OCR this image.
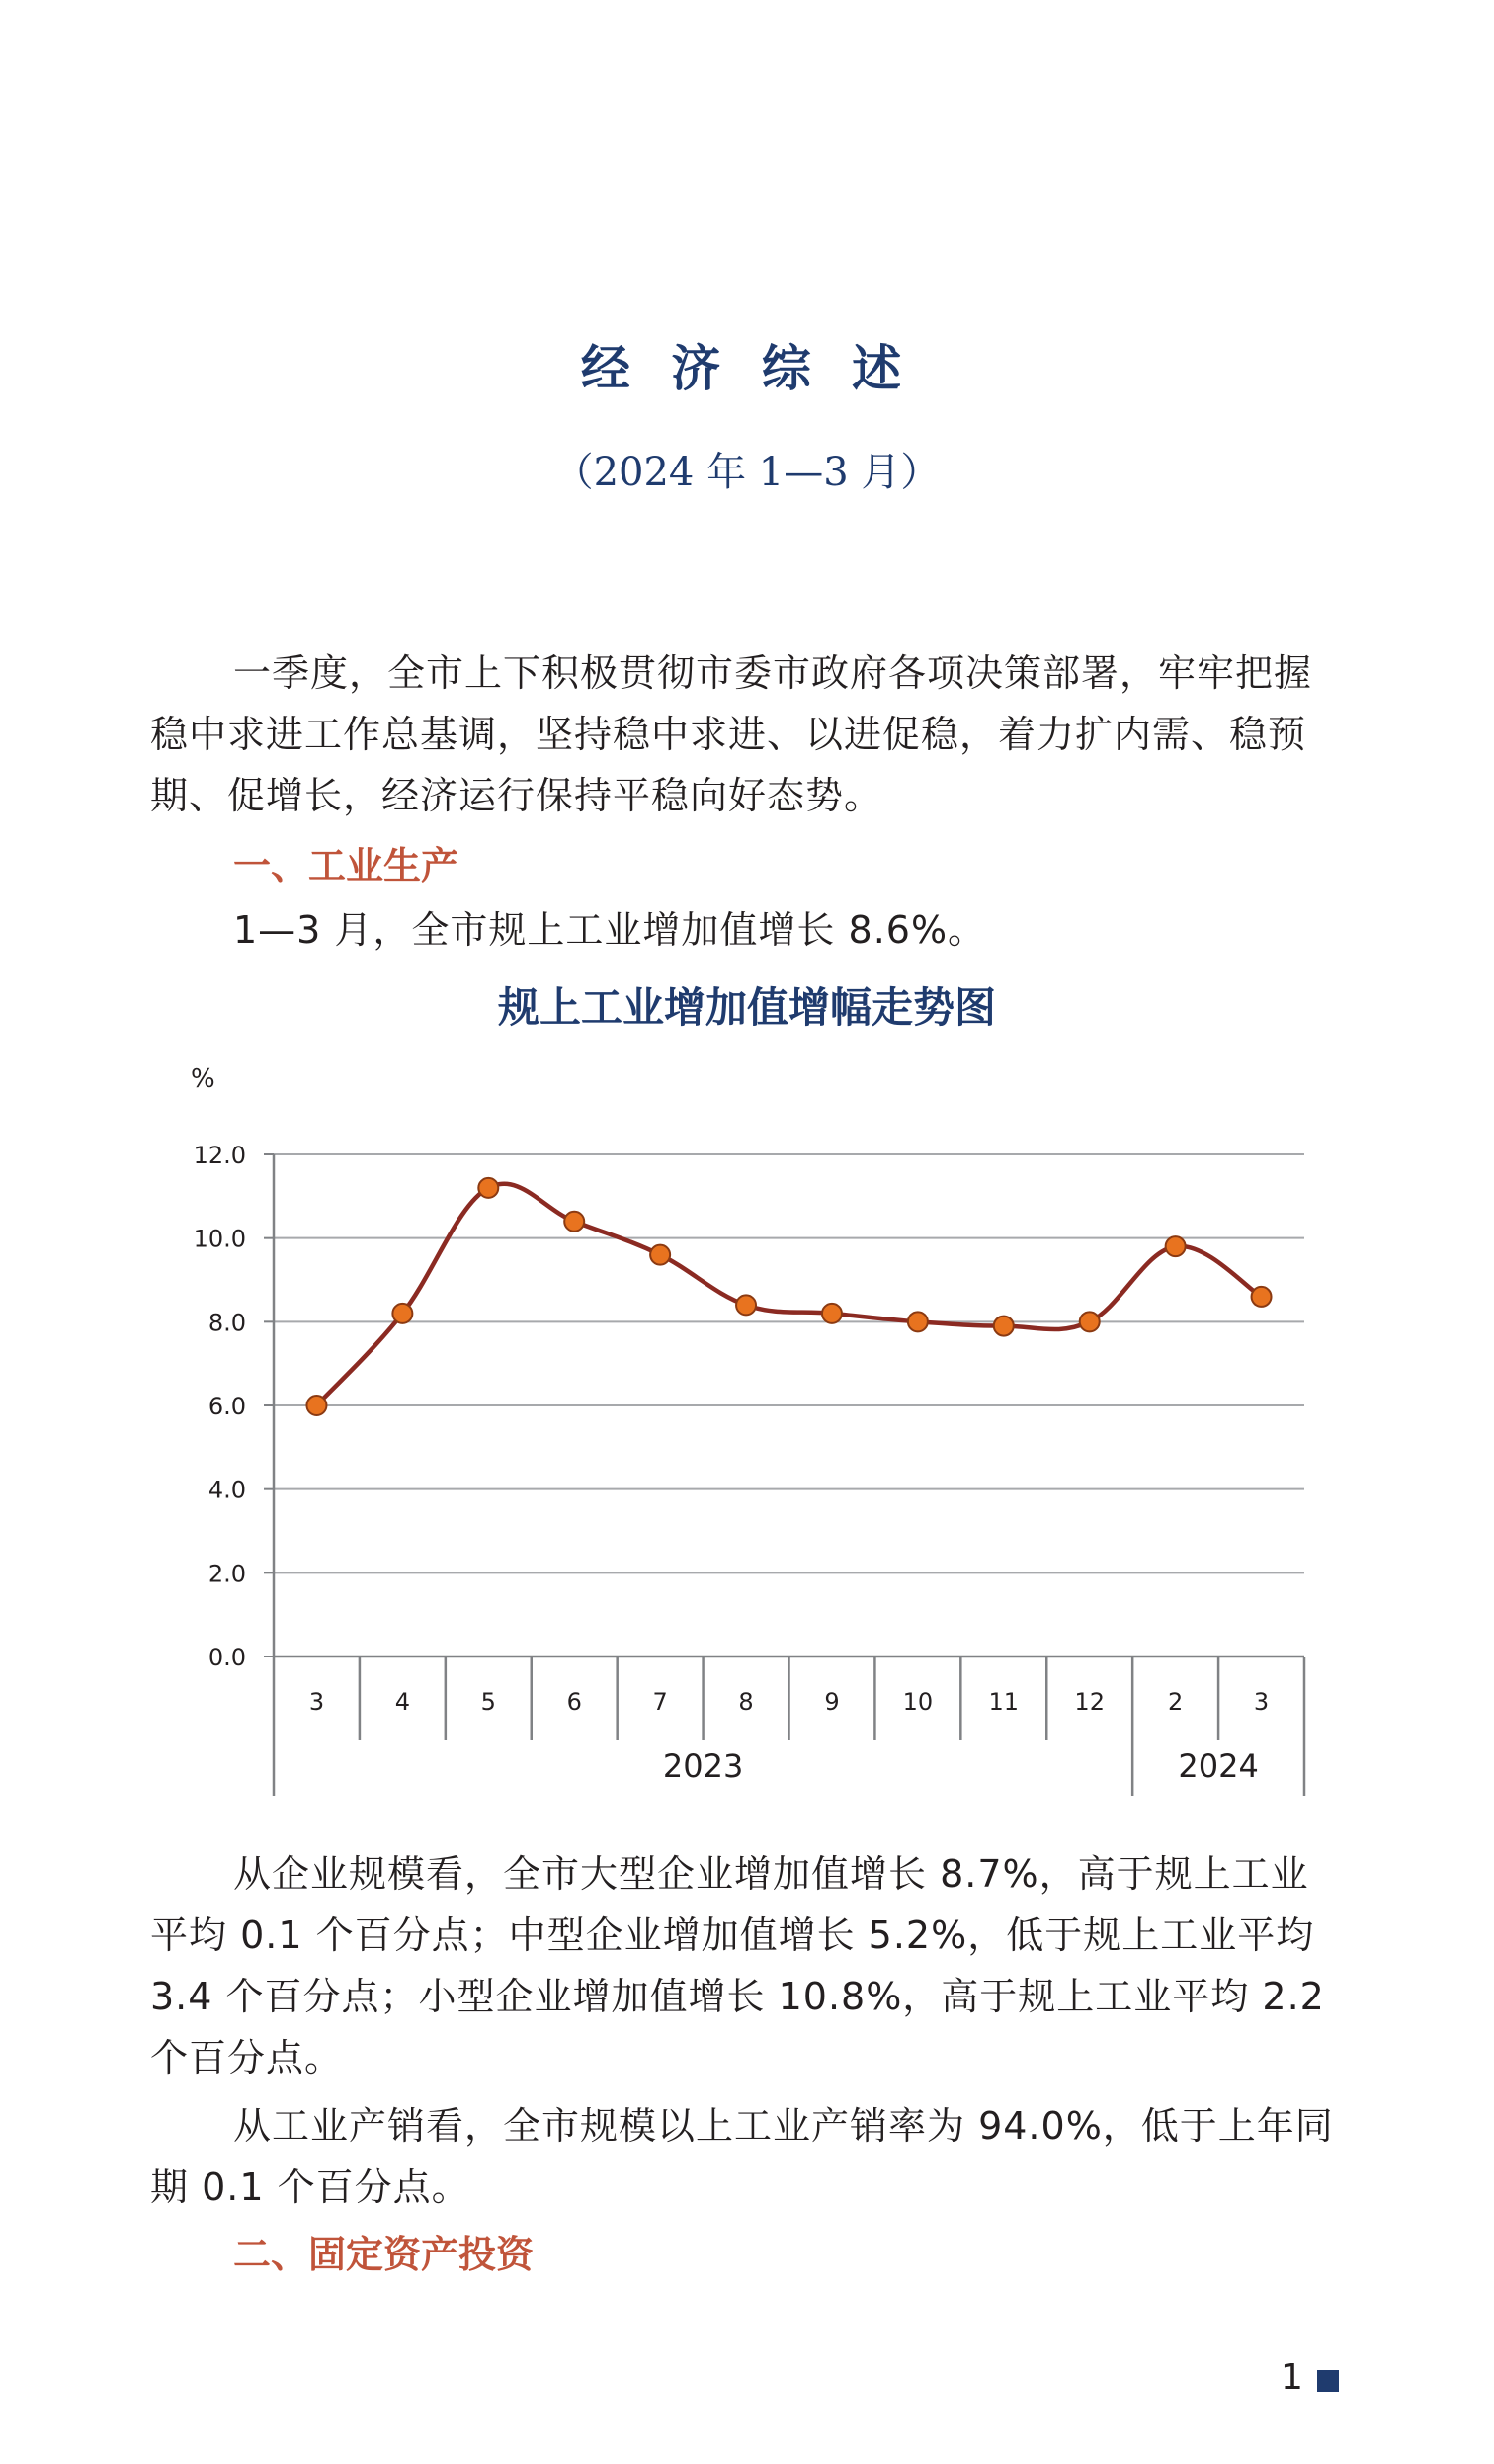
经 济 综 述
（2024 年 1—3 月）

一季度，全市上下积极贯彻市委市政府各项决策部署，牢牢把握稳中求进工作总基调，坚持稳中求进、以进促稳，着力扩内需、稳预期、促增长，经济运行保持平稳向好态势。

一、工业生产

1—3 月，全市规上工业增加值增长 8.6%。

规上工业增加值增幅走势图
%
0.0
2.0
4.0
6.0
8.0
10.0
12.0
3	4	5	6	7	8	9	10 11 12	2	3
2023	2024

从企业规模看，全市大型企业增加值增长 8.7%，高于规上工业平均 0.1 个百分点；中型企业增加值增长 5.2%，低于规上工业平均 3.4 个百分点；小型企业增加值增长 10.8%，高于规上工业平均 2.2 个百分点。

从工业产销看，全市规模以上工业产销率为 94.0%，低于上年同期 0.1 个百分点。

二、固定资产投资

1
